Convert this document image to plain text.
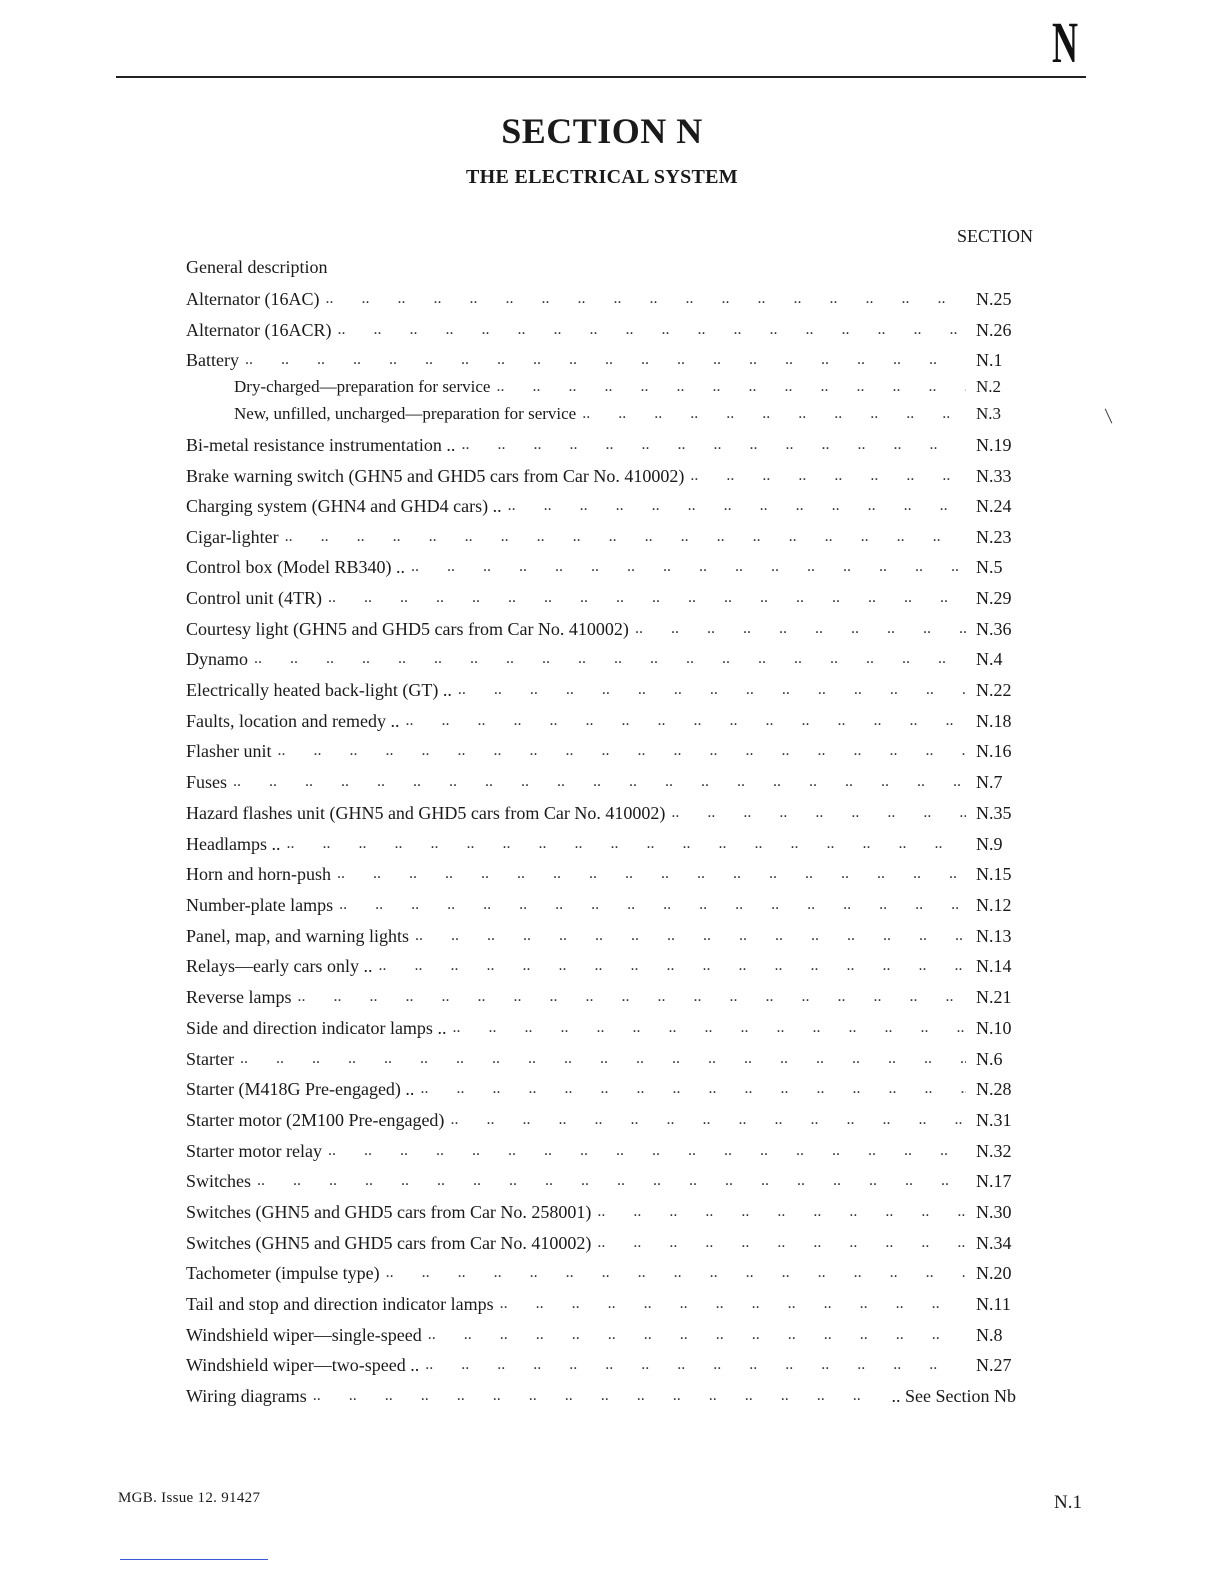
N
SECTION N
THE ELECTRICAL SYSTEM
SECTION
General description
Alternator (16AC) .. ..	N.25
Alternator (16ACR) .. ..	N.26
Battery .. ..	N.1
Dry-charged—preparation for service .. ..	N.2
New, unfilled, uncharged—preparation for service .. ..	N.3
Bi-metal resistance instrumentation .. .. ..	N.19
Brake warning switch (GHN5 and GHD5 cars from Car No. 410002) .. ..	N.33
Charging system (GHN4 and GHD4 cars) .. .. ..	N.24
Cigar-lighter .. ..	N.23
Control box (Model RB340) .. .. ..	N.5
Control unit (4TR) .. ..	N.29
Courtesy light (GHN5 and GHD5 cars from Car No. 410002) .. ..	N.36
Dynamo .. ..	N.4
Electrically heated back-light (GT) .. .. ..	N.22
Faults, location and remedy .. .. ..	N.18
Flasher unit .. ..	N.16
Fuses .. ..	N.7
Hazard flashes unit (GHN5 and GHD5 cars from Car No. 410002) .. ..	N.35
Headlamps .. .. ..	N.9
Horn and horn-push .. ..	N.15
Number-plate lamps .. ..	N.12
Panel, map, and warning lights .. ..	N.13
Relays—early cars only .. .. ..	N.14
Reverse lamps .. ..	N.21
Side and direction indicator lamps .. .. ..	N.10
Starter .. ..	N.6
Starter (M418G Pre-engaged) .. .. ..	N.28
Starter motor (2M100 Pre-engaged) .. ..	N.31
Starter motor relay .. ..	N.32
Switches .. ..	N.17
Switches (GHN5 and GHD5 cars from Car No. 258001) .. ..	N.30
Switches (GHN5 and GHD5 cars from Car No. 410002) .. ..	N.34
Tachometer (impulse type) .. ..	N.20
Tail and stop and direction indicator lamps .. ..	N.11
Windshield wiper—single-speed .. ..	N.8
Windshield wiper—two-speed .. .. ..	N.27
Wiring diagrams .. ..	.. See Section Nb
MGB. Issue 12. 91427	N.1
